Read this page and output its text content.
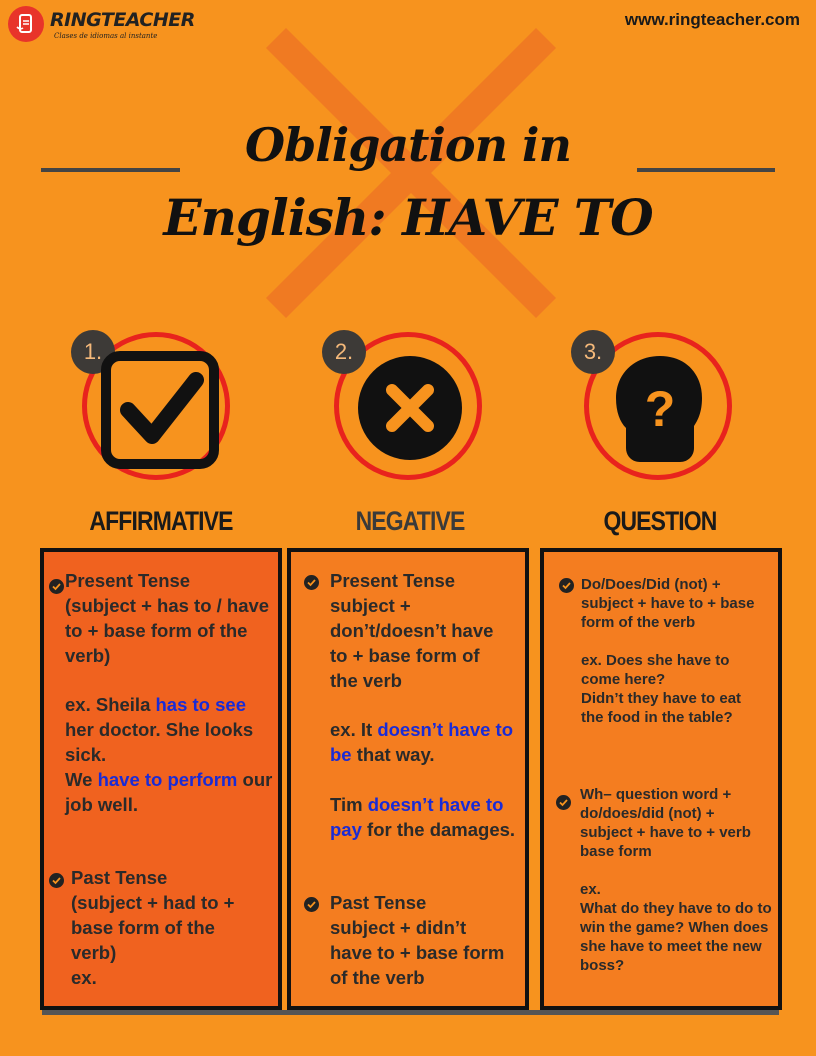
RINGTEACHER
Clases de idiomas al instante
www.ringteacher.com
Obligation in
English: HAVE TO
1.
AFFIRMATIVE
2.
NEGATIVE
3.
?
QUESTION
Present Tense
(subject + has to / have to + base form of the verb)
ex. Sheila has to see her doctor. She looks sick.
We have to perform our job well.
Past Tense
(subject + had to + base form of the verb)
ex.
Present Tense
subject + don’t/doesn’t have to + base form of the verb
ex. It doesn’t have to be that way.
Tim doesn’t have to pay for the damages.
Past Tense
subject + didn’t have to + base form of the verb
Do/Does/Did (not) + subject + have to + base form of the verb
ex. Does she have to come here?
Didn’t they have to eat the food in the table?
Wh– question word +
do/does/did (not) + subject + have to + verb base form
ex.
What do they have to do to win the game? When does she have to meet the new boss?
